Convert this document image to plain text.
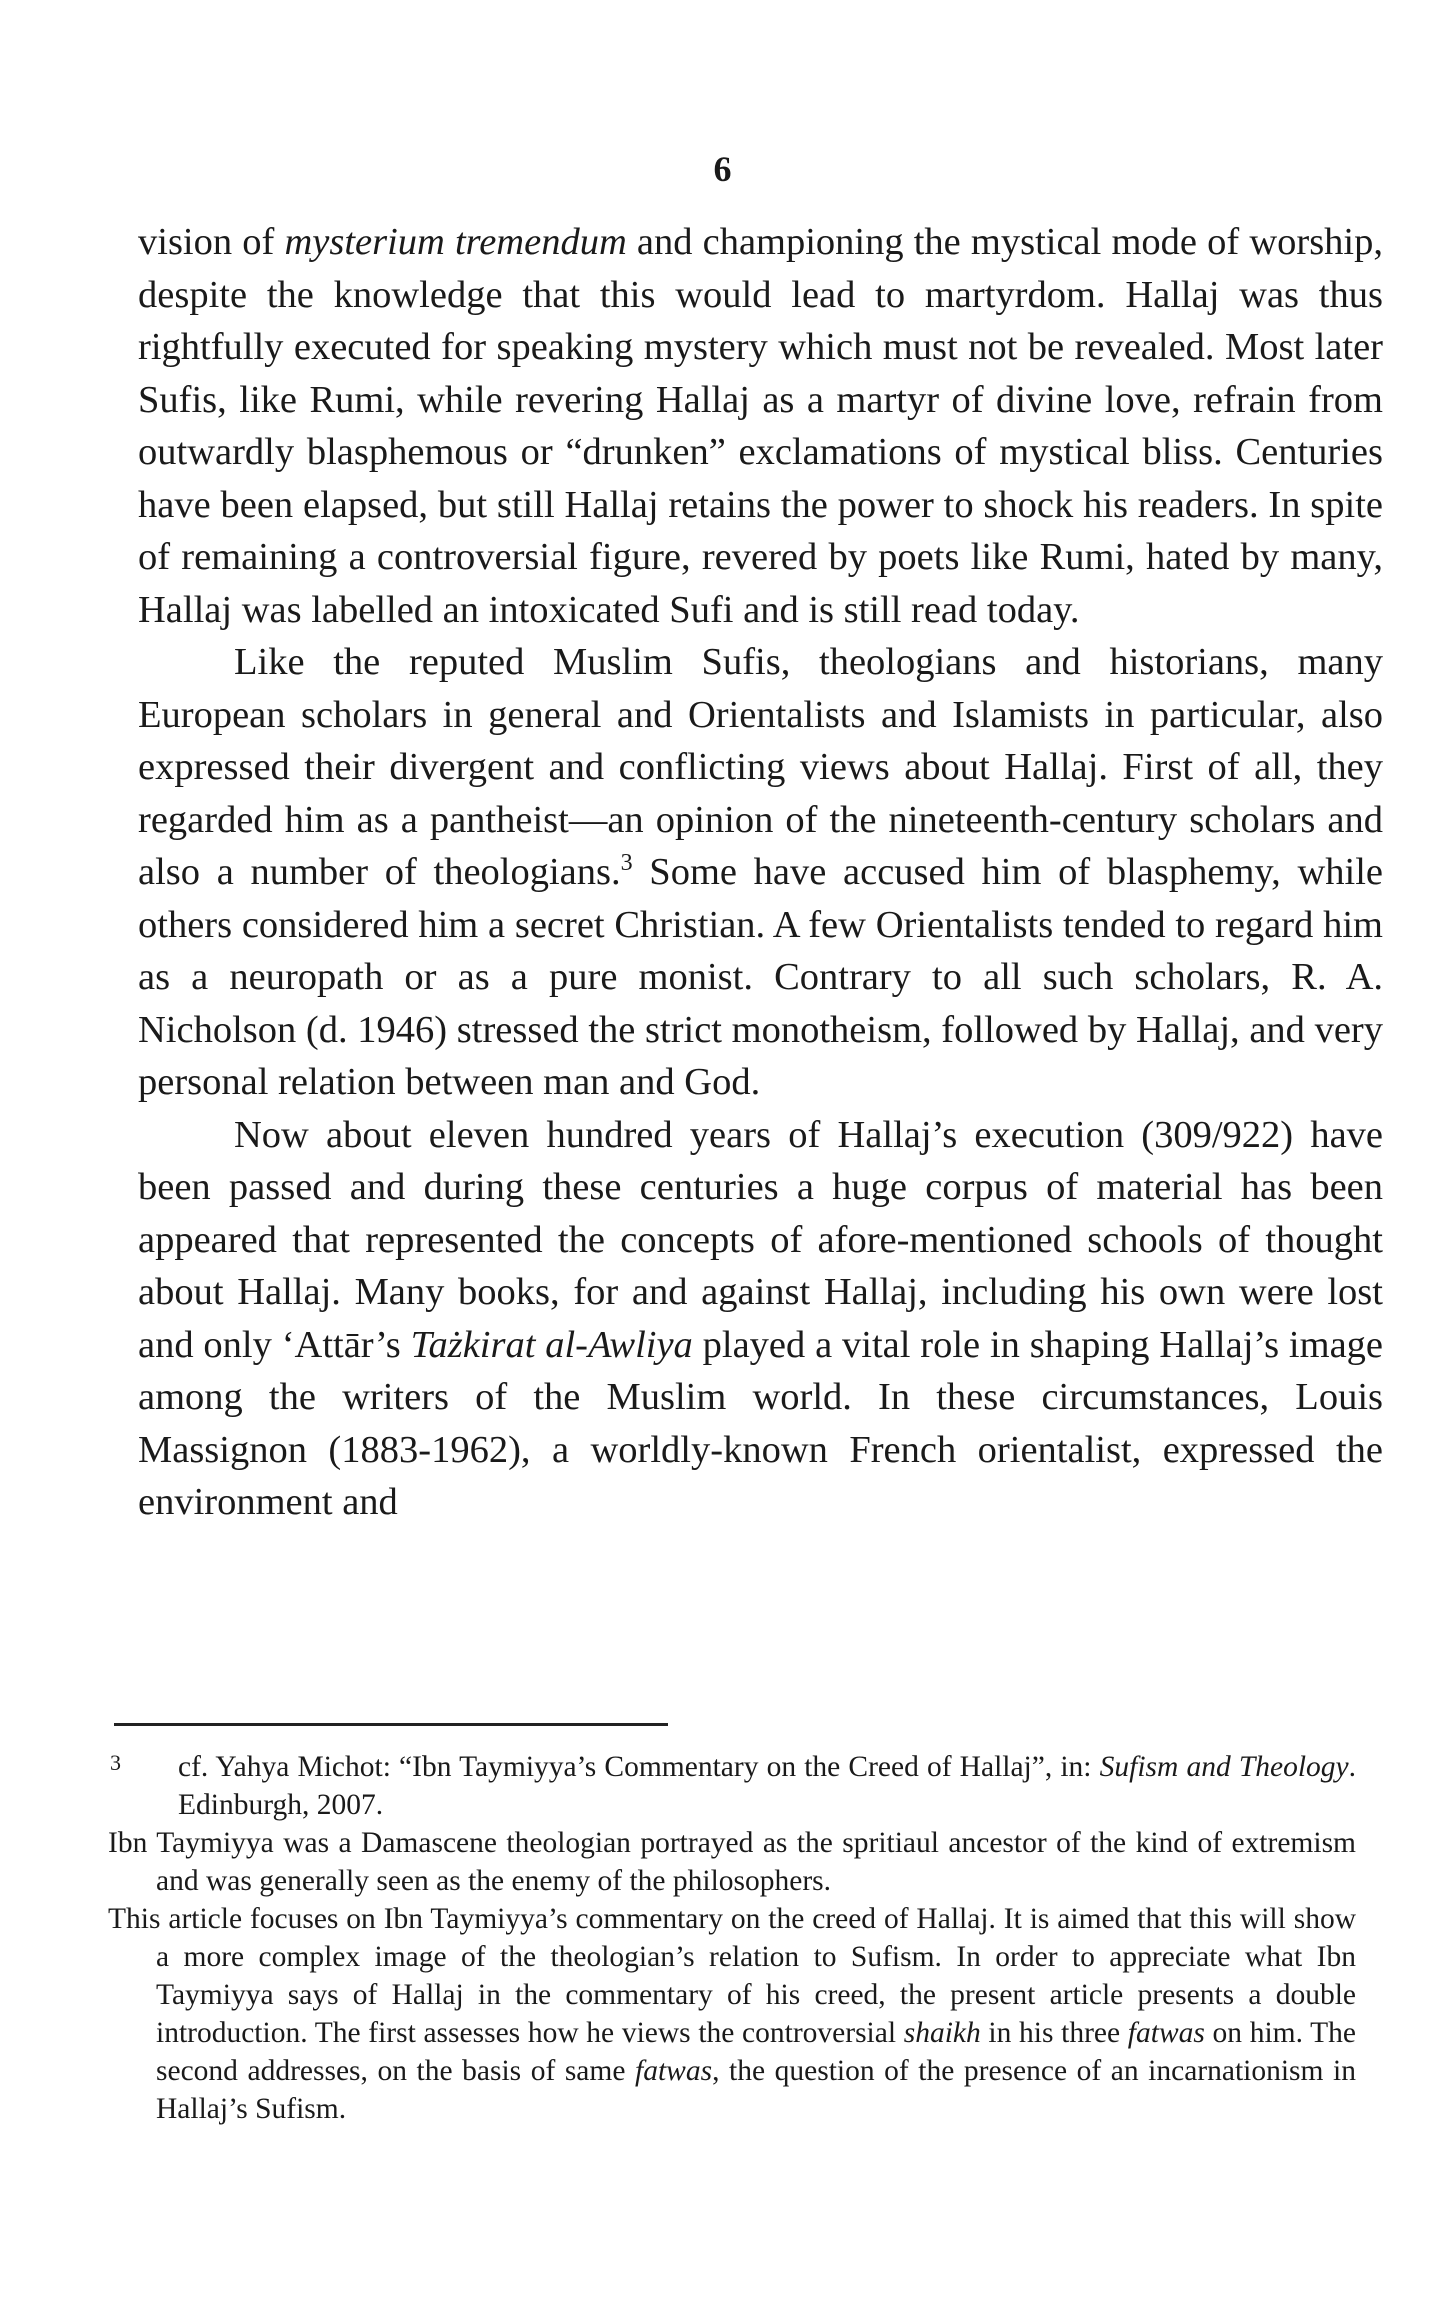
6

vision of mysterium tremendum and championing the mystical mode of worship, despite the knowledge that this would lead to martyrdom. Hallaj was thus rightfully executed for speaking mystery which must not be revealed. Most later Sufis, like Rumi, while revering Hallaj as a martyr of divine love, refrain from outwardly blasphemous or “drunken” exclamations of mystical bliss. Centuries have been elapsed, but still Hallaj retains the power to shock his readers. In spite of remaining a controversial figure, revered by poets like Rumi, hated by many, Hallaj was labelled an intoxicated Sufi and is still read today.

Like the reputed Muslim Sufis, theologians and historians, many European scholars in general and Orientalists and Islamists in particular, also expressed their divergent and conflicting views about Hallaj. First of all, they regarded him as a pantheist—an opinion of the nineteenth-century scholars and also a number of theologians.$^3$ Some have accused him of blasphemy, while others considered him a secret Christian. A few Orientalists tended to regard him as a neuropath or as a pure monist. Contrary to all such scholars, R. A. Nicholson (d. 1946) stressed the strict monotheism, followed by Hallaj, and very personal relation between man and God.

Now about eleven hundred years of Hallaj’s execution (309/922) have been passed and during these centuries a huge corpus of material has been appeared that represented the concepts of afore-mentioned schools of thought about Hallaj. Many books, for and against Hallaj, including his own were lost and only ‘Attār’s Tażkirat al-Awliya played a vital role in shaping Hallaj’s image among the writers of the Muslim world. In these circumstances, Louis Massignon (1883-1962), a worldly-known French orientalist, expressed the environment and

3 cf. Yahya Michot: “Ibn Taymiyya’s Commentary on the Creed of Hallaj”, in: Sufism and Theology. Edinburgh, 2007.

Ibn Taymiyya was a Damascene theologian portrayed as the spritiaul ancestor of the kind of extremism and was generally seen as the enemy of the philosophers.

This article focuses on Ibn Taymiyya’s commentary on the creed of Hallaj. It is aimed that this will show a more complex image of the theologian’s relation to Sufism. In order to appreciate what Ibn Taymiyya says of Hallaj in the commentary of his creed, the present article presents a double introduction. The first assesses how he views the controversial shaikh in his three fatwas on him. The second addresses, on the basis of same fatwas, the question of the presence of an incarnationism in Hallaj’s Sufism.
